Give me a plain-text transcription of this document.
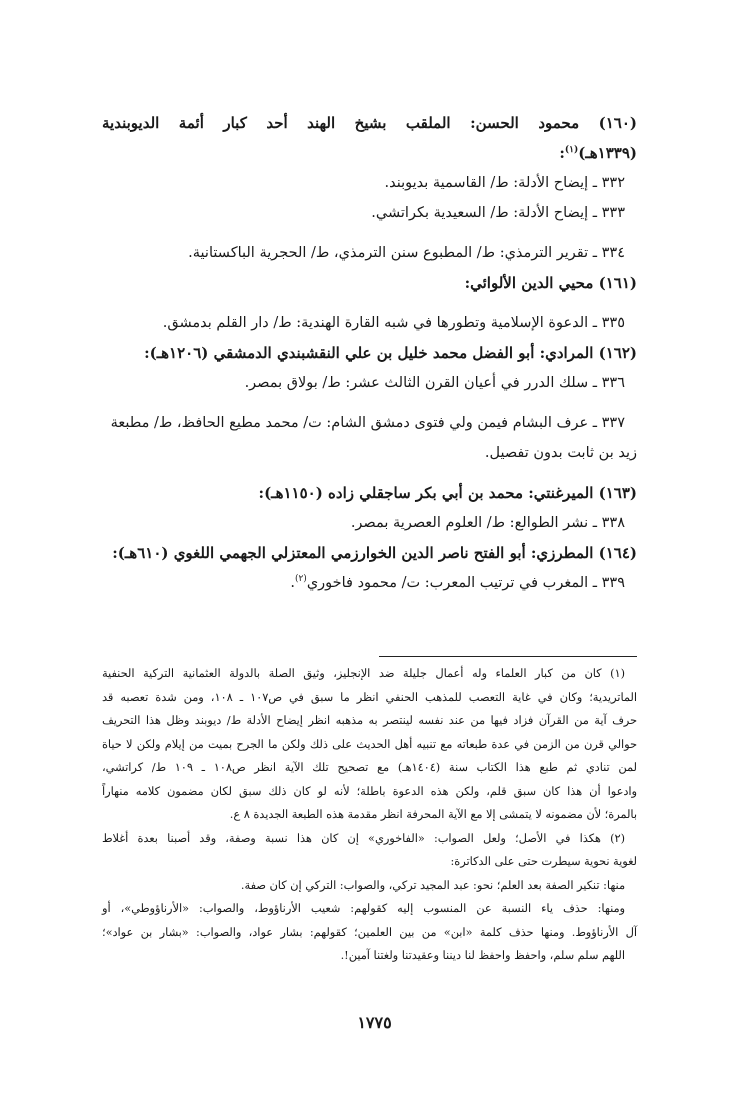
(١٦٠) محمود الحسن: الملقب بشيخ الهند أحد كبار أئمة الديوبندية
(١٣٣٩هـ)$^{(١)}$:
٣٣٢ ـ إيضاح الأدلة: ط/ القاسمية بديوبند.
٣٣٣ ـ إيضاح الأدلة: ط/ السعيدية بكراتشي.
٣٣٤ ـ تقرير الترمذي: ط/ المطبوع سنن الترمذي، ط/ الحجرية الباكستانية.
(١٦١) محيي الدين الألوائي:
٣٣٥ ـ الدعوة الإسلامية وتطورها في شبه القارة الهندية: ط/ دار القلم بدمشق.
(١٦٢) المرادي: أبو الفضل محمد خليل بن علي النقشبندي الدمشقي (١٢٠٦هـ):
٣٣٦ ـ سلك الدرر في أعيان القرن الثالث عشر: ط/ بولاق بمصر.
٣٣٧ ـ عرف البشام فيمن ولي فتوى دمشق الشام: ت/ محمد مطيع الحافظ، ط/ مطبعة
زيد بن ثابت بدون تفصيل.
(١٦٣) الميرغنتي: محمد بن أبي بكر ساجقلي زاده (١١٥٠هـ):
٣٣٨ ـ نشر الطوالع: ط/ العلوم العصرية بمصر.
(١٦٤) المطرزي: أبو الفتح ناصر الدين الخوارزمي المعتزلي الجهمي اللغوي (٦١٠هـ):
٣٣٩ ـ المغرب في ترتيب المعرب: ت/ محمود فاخوري$^{(٢)}$.
(١) كان من كبار العلماء وله أعمال جليلة ضد الإنجليز، وثيق الصلة بالدولة العثمانية التركية الحنفية
الماتريدية؛ وكان في غاية التعصب للمذهب الحنفي انظر ما سبق في ص١٠٧ ـ ١٠٨، ومن شدة تعصبه قد
حرف آية من القرآن فزاد فيها من عند نفسه لينتصر به مذهبه انظر إيضاح الأدلة ط/ ديوبند وظل هذا التحريف
حوالي قرن من الزمن في عدة طبعاته مع تنبيه أهل الحديث على ذلك ولكن ما الجرح بميت من إيلام ولكن لا حياة
لمن تنادي ثم طبع هذا الكتاب سنة (١٤٠٤هـ) مع تصحيح تلك الآية انظر ص١٠٨ ـ ١٠٩ ط/ كراتشي،
وادعوا أن هذا كان سبق قلم، ولكن هذه الدعوة باطلة؛ لأنه لو كان ذلك سبق لكان مضمون كلامه منهاراً
بالمرة؛ لأن مضمونه لا يتمشى إلا مع الآية المحرفة انظر مقدمة هذه الطبعة الجديدة ٨ ع.
(٢) هكذا في الأصل؛ ولعل الصواب: «الفاخوري» إن كان هذا نسبة وصفة، وقد أصبنا بعدة أغلاط
لغوية نحوية سيطرت حتى على الدكاترة:
منها: تنكير الصفة بعد العلم؛ نحو: عبد المجيد تركي، والصواب: التركي إن كان صفة.
ومنها: حذف ياء النسبة عن المنسوب إليه كقولهم: شعيب الأرناؤوط، والصواب: «الأرناؤوطي»، أو
آل الأرناؤوط. ومنها حذف كلمة «ابن» من بين العلمين؛ كقولهم: بشار عواد، والصواب: «بشار بن عواد»؛
اللهم سلم سلم، واحفظ واحفظ لنا ديننا وعقيدتنا ولغتنا آمين!.
١٧٧٥
